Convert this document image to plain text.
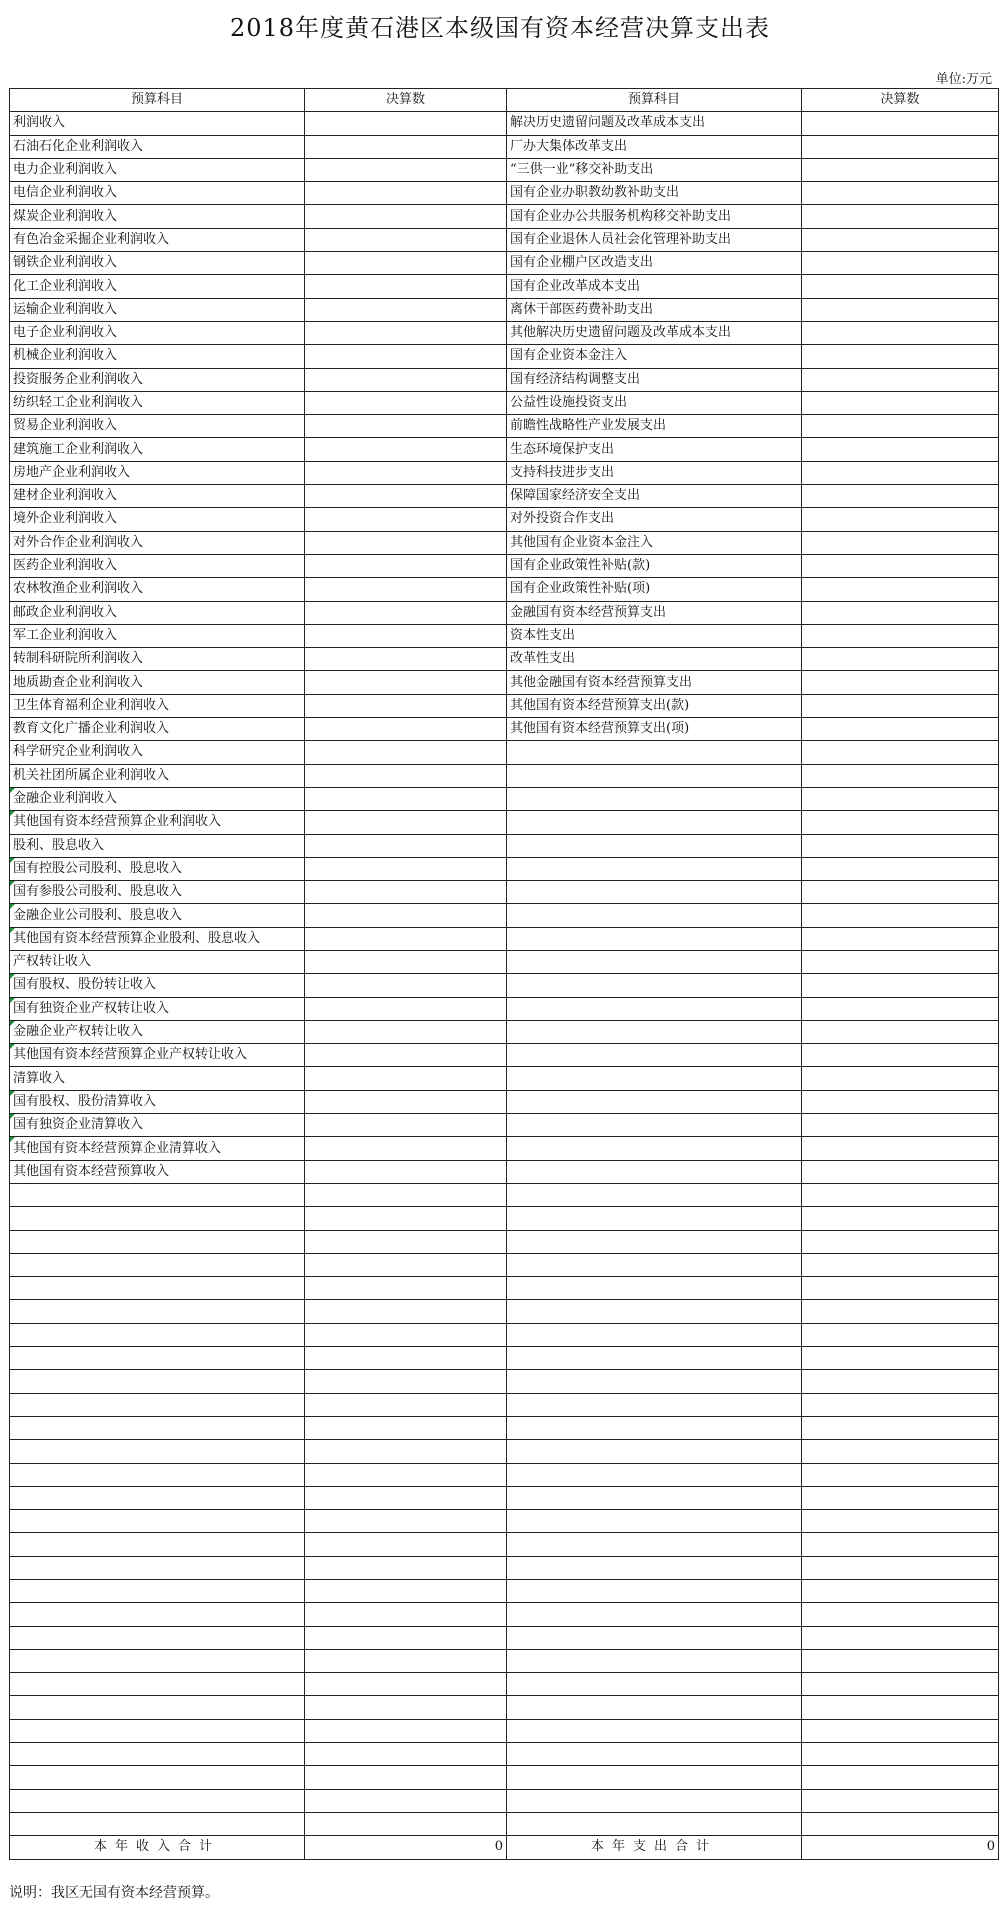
2018年度黄石港区本级国有资本经营决算支出表
单位:万元
预算科目	决算数	预算科目	决算数
利润收入		解决历史遗留问题及改革成本支出	
石油石化企业利润收入		厂办大集体改革支出	
电力企业利润收入		“三供一业”移交补助支出	
电信企业利润收入		国有企业办职教幼教补助支出	
煤炭企业利润收入		国有企业办公共服务机构移交补助支出	
有色冶金采掘企业利润收入		国有企业退休人员社会化管理补助支出	
钢铁企业利润收入		国有企业棚户区改造支出	
化工企业利润收入		国有企业改革成本支出	
运输企业利润收入		离休干部医药费补助支出	
电子企业利润收入		其他解决历史遗留问题及改革成本支出	
机械企业利润收入		国有企业资本金注入	
投资服务企业利润收入		国有经济结构调整支出	
纺织轻工企业利润收入		公益性设施投资支出	
贸易企业利润收入		前瞻性战略性产业发展支出	
建筑施工企业利润收入		生态环境保护支出	
房地产企业利润收入		支持科技进步支出	
建材企业利润收入		保障国家经济安全支出	
境外企业利润收入		对外投资合作支出	
对外合作企业利润收入		其他国有企业资本金注入	
医药企业利润收入		国有企业政策性补贴(款)	
农林牧渔企业利润收入		国有企业政策性补贴(项)	
邮政企业利润收入		金融国有资本经营预算支出	
军工企业利润收入		资本性支出	
转制科研院所利润收入		改革性支出	
地质勘查企业利润收入		其他金融国有资本经营预算支出	
卫生体育福利企业利润收入		其他国有资本经营预算支出(款)	
教育文化广播企业利润收入		其他国有资本经营预算支出(项)	
科学研究企业利润收入			
机关社团所属企业利润收入			
金融企业利润收入			
其他国有资本经营预算企业利润收入			
股利、股息收入			
国有控股公司股利、股息收入			
国有参股公司股利、股息收入			
金融企业公司股利、股息收入			
其他国有资本经营预算企业股利、股息收入			
产权转让收入			
国有股权、股份转让收入			
国有独资企业产权转让收入			
金融企业产权转让收入			
其他国有资本经营预算企业产权转让收入			
清算收入			
国有股权、股份清算收入			
国有独资企业清算收入			
其他国有资本经营预算企业清算收入			
其他国有资本经营预算收入			

本年收入合计	0	本年支出合计	0
说明：我区无国有资本经营预算。
